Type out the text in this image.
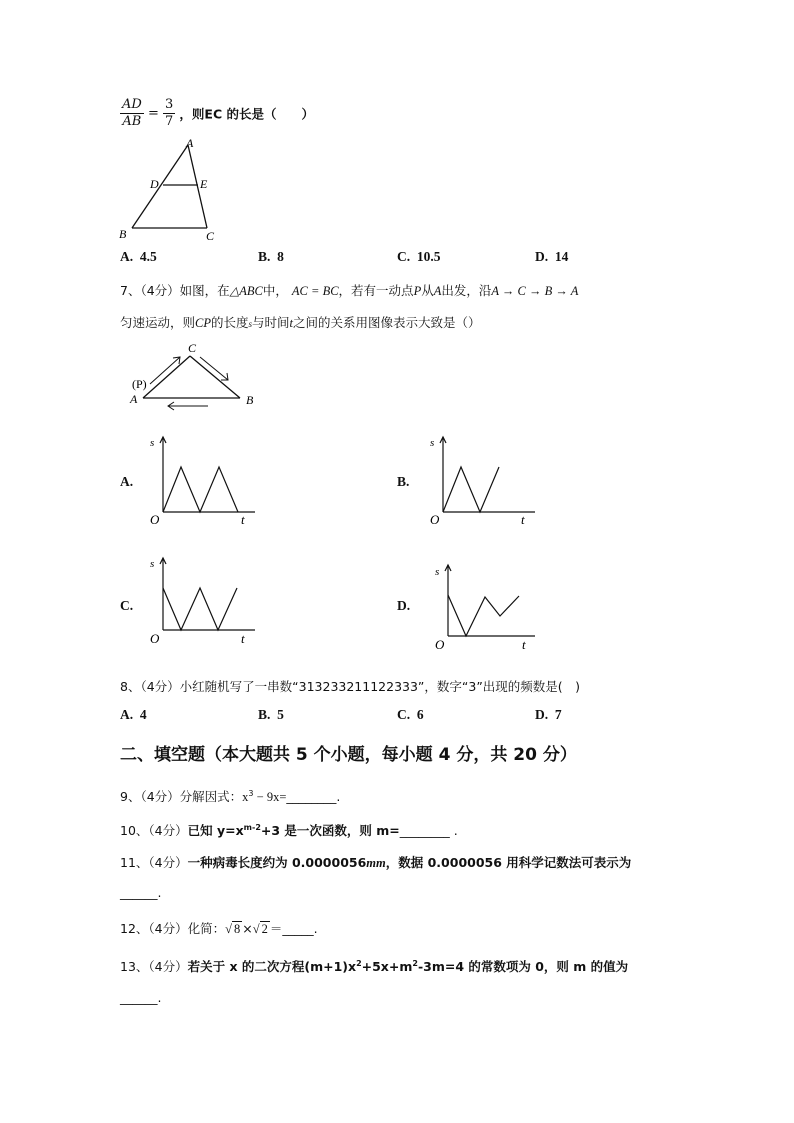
$\frac{AD}{AB} = \frac{3}{7}$ ，则EC 的长是（　　）
A
D	E
B	C
A. 4.5	B. 8	C. 10.5	D. 14
7、（4分）如图，在△ABC中， AC = BC，若有一动点P从A出发，沿A → C → B → A
匀速运动，则CP的长度s与时间t之间的关系用图像表示大致是（）
C
(P)
A	B
A.
s
O	t
B.
s
O	t
C.
s
O	t
D.
s
O	t
8、（4分）小红随机写了一串数“313233211122333”，数字“3”出现的频数是(　)
A. 4	B. 5	C. 6	D. 7
二、填空题（本大题共 5 个小题，每小题 4 分，共 20 分）
9、（4分）分解因式：$x^3$ − 9x=________.
10、（4分）已知 $y=x^{m-2}+3$ 是一次函数，则 m=________ .
11、（4分）一种病毒长度约为 0.0000056mm，数据 0.0000056 用科学记数法可表示为
______.
12、（4分）化简：√ 8 ×√ 2 ＝_____.
13、（4分）若关于 x 的二次方程$(m+1)x^2+5x+m^2-3m=4$ 的常数项为 0，则 m 的值为
______.
